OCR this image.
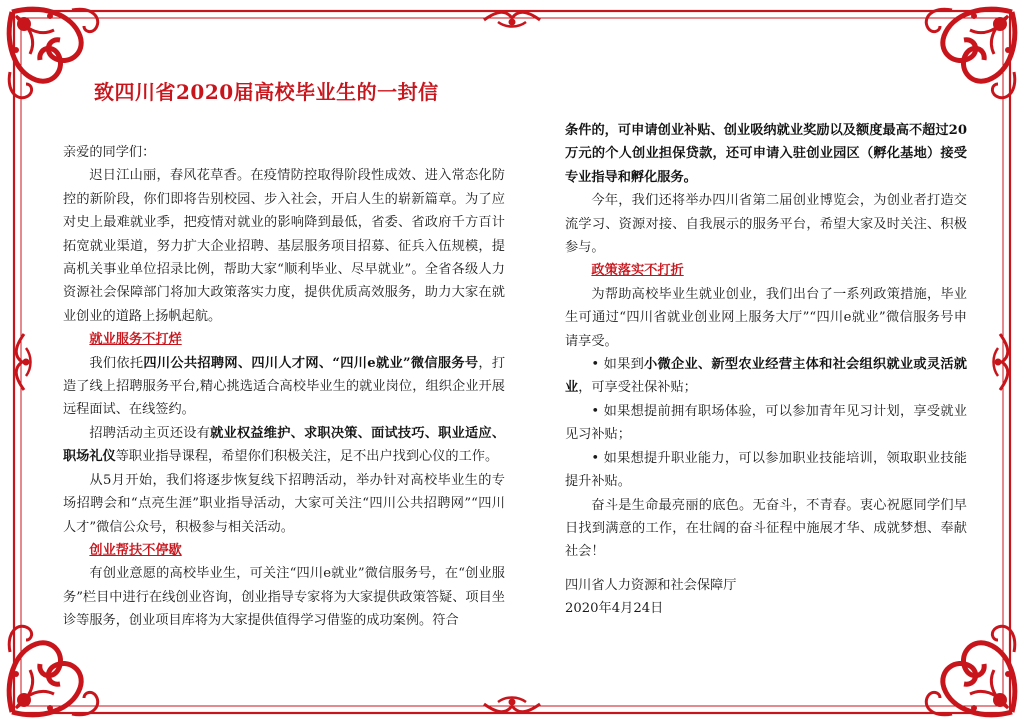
致四川省2020届高校毕业生的一封信

亲爱的同学们：

迟日江山丽，春风花草香。在疫情防控取得阶段性成效、进入常态化防控的新阶段，你们即将告别校园、步入社会，开启人生的崭新篇章。为了应对史上最难就业季，把疫情对就业的影响降到最低，省委、省政府千方百计拓宽就业渠道，努力扩大企业招聘、基层服务项目招募、征兵入伍规模，提高机关事业单位招录比例，帮助大家“顺利毕业、尽早就业”。全省各级人力资源社会保障部门将加大政策落实力度，提供优质高效服务，助力大家在就业创业的道路上扬帆起航。

就业服务不打烊

我们依托四川公共招聘网、四川人才网、“四川e就业”微信服务号，打造了线上招聘服务平台,精心挑选适合高校毕业生的就业岗位，组织企业开展远程面试、在线签约。

招聘活动主页还设有就业权益维护、求职决策、面试技巧、职业适应、职场礼仪等职业指导课程，希望你们积极关注，足不出户找到心仪的工作。

从5月开始，我们将逐步恢复线下招聘活动，举办针对高校毕业生的专场招聘会和“点亮生涯”职业指导活动，大家可关注“四川公共招聘网”“四川人才”微信公众号，积极参与相关活动。

创业帮扶不停歇

有创业意愿的高校毕业生，可关注“四川e就业”微信服务号，在“创业服务”栏目中进行在线创业咨询，创业指导专家将为大家提供政策答疑、项目坐诊等服务，创业项目库将为大家提供值得学习借鉴的成功案例。符合

条件的，可申请创业补贴、创业吸纳就业奖励以及额度最高不超过20万元的个人创业担保贷款，还可申请入驻创业园区（孵化基地）接受专业指导和孵化服务。

今年，我们还将举办四川省第二届创业博览会，为创业者打造交流学习、资源对接、自我展示的服务平台，希望大家及时关注、积极参与。

政策落实不打折

为帮助高校毕业生就业创业，我们出台了一系列政策措施，毕业生可通过“四川省就业创业网上服务大厅”“四川e就业”微信服务号申请享受。

• 如果到小微企业、新型农业经营主体和社会组织就业或灵活就业，可享受社保补贴；

• 如果想提前拥有职场体验，可以参加青年见习计划，享受就业见习补贴；

• 如果想提升职业能力，可以参加职业技能培训，领取职业技能提升补贴。

奋斗是生命最亮丽的底色。无奋斗，不青春。衷心祝愿同学们早日找到满意的工作，在壮阔的奋斗征程中施展才华、成就梦想、奉献社会！

四川省人力资源和社会保障厅

2020年4月24日
